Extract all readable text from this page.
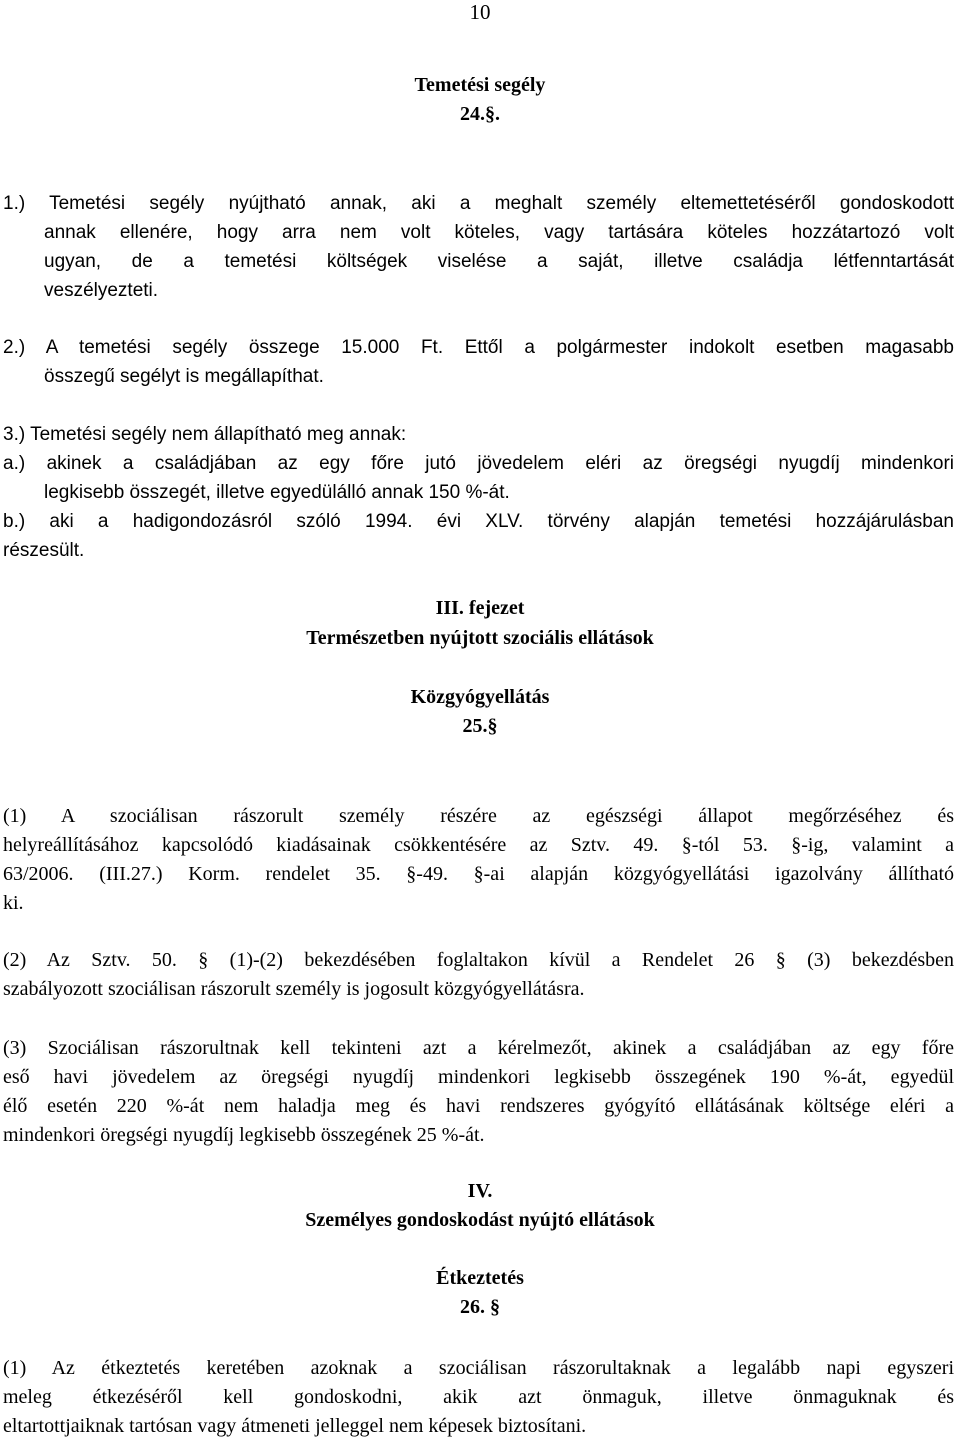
10
Temetési segély
24.§.
1.) Temetési segély nyújtható annak, aki a meghalt személy eltemettetéséről gondoskodott
annak ellenére, hogy arra nem volt köteles, vagy tartására köteles hozzátartozó volt
ugyan, de a temetési költségek viselése a saját, illetve családja létfenntartását
veszélyezteti.
2.) A temetési segély összege 15.000 Ft. Ettől a polgármester indokolt esetben magasabb
összegű segélyt is megállapíthat.
3.) Temetési segély nem állapítható meg annak:
a.) akinek a családjában az egy főre jutó jövedelem eléri az öregségi nyugdíj mindenkori
legkisebb összegét, illetve egyedülálló annak 150 %-át.
b.) aki a hadigondozásról szóló 1994. évi XLV. törvény alapján temetési hozzájárulásban
részesült.
III. fejezet
Természetben nyújtott szociális ellátások
Közgyógyellátás
25.§
(1) A szociálisan rászorult személy részére az egészségi állapot megőrzéséhez és
helyreállításához kapcsolódó kiadásainak csökkentésére az Sztv. 49. §-tól 53. §-ig, valamint a
63/2006. (III.27.) Korm. rendelet 35. §-49. §-ai alapján közgyógyellátási igazolvány állítható
ki.
(2) Az Sztv. 50. § (1)-(2) bekezdésében foglaltakon kívül a Rendelet 26 § (3) bekezdésben
szabályozott szociálisan rászorult személy is jogosult közgyógyellátásra.
(3) Szociálisan rászorultnak kell tekinteni azt a kérelmezőt, akinek a családjában az egy főre
eső havi jövedelem az öregségi nyugdíj mindenkori legkisebb összegének 190 %-át, egyedül
élő esetén 220 %-át nem haladja meg és havi rendszeres gyógyító ellátásának költsége eléri a
mindenkori öregségi nyugdíj legkisebb összegének 25 %-át.
IV.
Személyes gondoskodást nyújtó ellátások
Étkeztetés
26. §
(1) Az étkeztetés keretében azoknak a szociálisan rászorultaknak a legalább napi egyszeri
meleg étkezéséről kell gondoskodni, akik azt önmaguk, illetve önmaguknak és
eltartottjaiknak tartósan vagy átmeneti jelleggel nem képesek biztosítani.
